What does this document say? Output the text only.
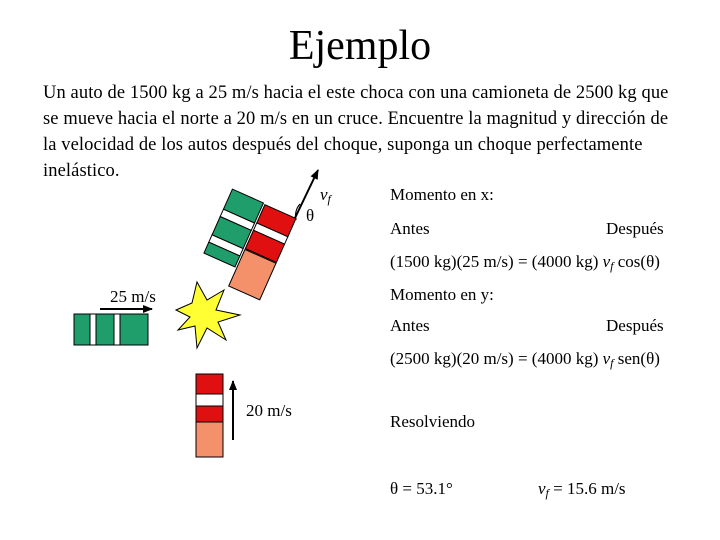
Ejemplo
Un auto de 1500 kg a 25 m/s hacia el este choca con una camioneta de 2500 kg que se mueve hacia el norte a 20 m/s en un cruce. Encuentre la magnitud y dirección de la velocidad de los autos después del choque, suponga un choque perfectamente inelástico.
θ
$v_f$
25 m/s
20 m/s
Momento en x:
Antes	Después
(1500 kg)(25 m/s) = (4000 kg) $v_f$ cos(θ)
Momento en y:
Antes	Después
(2500 kg)(20 m/s) = (4000 kg) $v_f$ sen(θ)
Resolviendo
θ = 53.1°	$v_f = 15.6$ m/s
